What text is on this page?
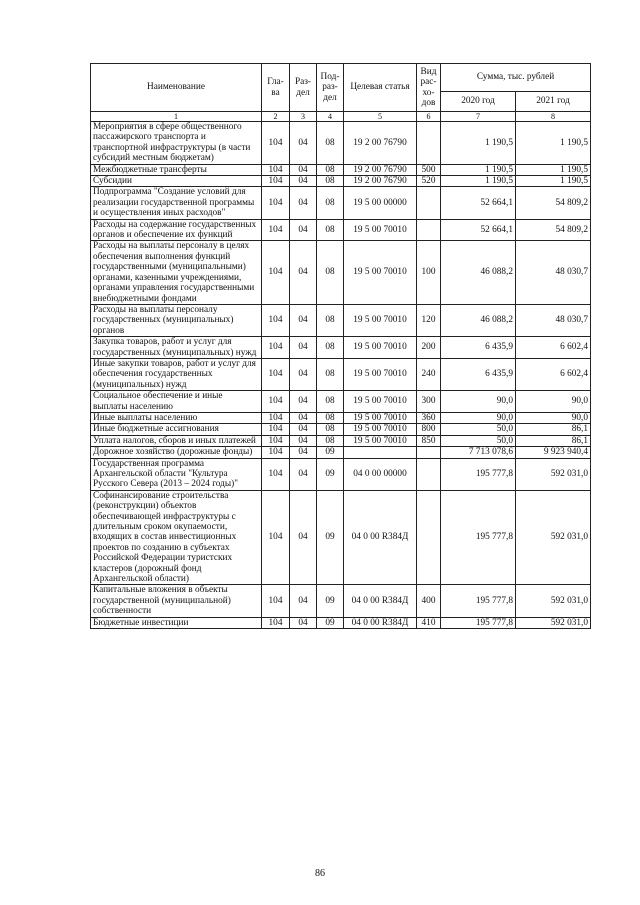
Наименование	Гла-ва	Раз-дел	Под-раз-дел	Целевая статья	Вид рас-хо-дов	Сумма, тыс. рублей	
						2020 год	2021 год
1	2	3	4	5	6	7	8
Мероприятия в сфере общественного пассажирского транспорта и транспортной инфраструктуры (в части субсидий местным бюджетам)	104	04	08	19 2 00 76790		1 190,5	1 190,5
Межбюджетные трансферты	104	04	08	19 2 00 76790	500	1 190,5	1 190,5
Субсидии	104	04	08	19 2 00 76790	520	1 190,5	1 190,5
Подпрограмма "Создание условий для реализации государственной программы и осуществления иных расходов"	104	04	08	19 5 00 00000		52 664,1	54 809,2
Расходы на содержание государственных органов и обеспечение их функций	104	04	08	19 5 00 70010		52 664,1	54 809,2
Расходы на выплаты персоналу в целях обеспечения выполнения функций государственными (муниципальными) органами, казенными учреждениями, органами управления государственными внебюджетными фондами	104	04	08	19 5 00 70010	100	46 088,2	48 030,7
Расходы на выплаты персоналу государственных (муниципальных) органов	104	04	08	19 5 00 70010	120	46 088,2	48 030,7
Закупка товаров, работ и услуг для государственных (муниципальных) нужд	104	04	08	19 5 00 70010	200	6 435,9	6 602,4
Иные закупки товаров, работ и услуг для обеспечения государственных (муниципальных) нужд	104	04	08	19 5 00 70010	240	6 435,9	6 602,4
Социальное обеспечение и иные выплаты населению	104	04	08	19 5 00 70010	300	90,0	90,0
Иные выплаты населению	104	04	08	19 5 00 70010	360	90,0	90,0
Иные бюджетные ассигнования	104	04	08	19 5 00 70010	800	50,0	86,1
Уплата налогов, сборов и иных платежей	104	04	08	19 5 00 70010	850	50,0	86,1
Дорожное хозяйство (дорожные фонды)	104	04	09			7 713 078,6	9 923 940,4
Государственная программа Архангельской области "Культура Русского Севера (2013 – 2024 годы)"	104	04	09	04 0 00 00000		195 777,8	592 031,0
Софинансирование строительства (реконструкции) объектов обеспечивающей инфраструктуры с длительным сроком окупаемости, входящих в состав инвестиционных проектов по созданию в субъектах Российской Федерации туристских кластеров (дорожный фонд Архангельской области)	104	04	09	04 0 00 R384Д		195 777,8	592 031,0
Капитальные вложения в объекты государственной (муниципальной) собственности	104	04	09	04 0 00 R384Д	400	195 777,8	592 031,0
Бюджетные инвестиции	104	04	09	04 0 00 R384Д	410	195 777,8	592 031,0
86
